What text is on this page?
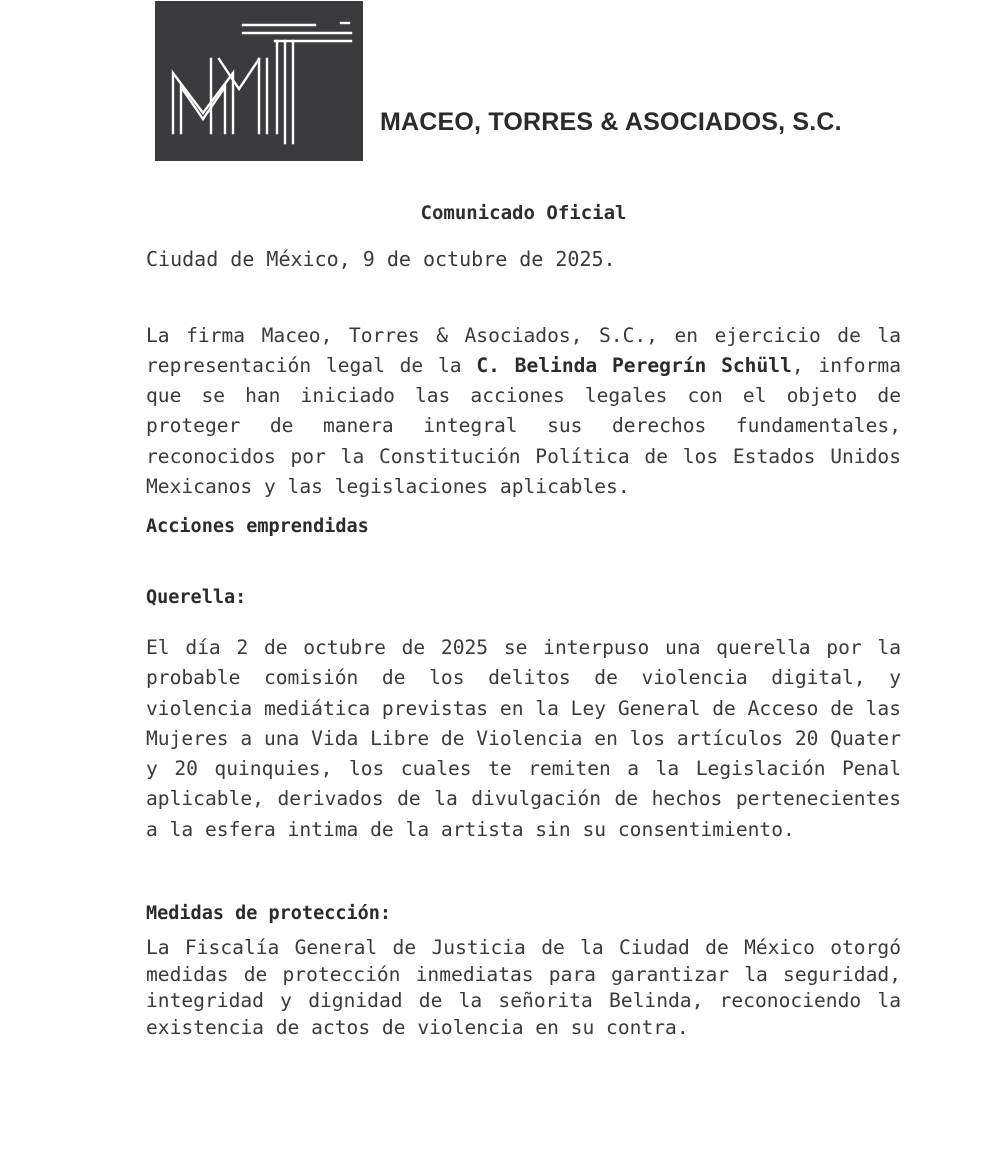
MACEO, TORRES & ASOCIADOS, S.C.

Comunicado Oficial

Ciudad de México, 9 de octubre de 2025.

La firma Maceo, Torres & Asociados, S.C., en ejercicio de la representación legal de la C. Belinda Peregrín Schüll, informa que se han iniciado las acciones legales con el objeto de proteger de manera integral sus derechos fundamentales, reconocidos por la Constitución Política de los Estados Unidos Mexicanos y las legislaciones aplicables.

Acciones emprendidas

Querella:

El día 2 de octubre de 2025 se interpuso una querella por la probable comisión de los delitos de violencia digital, y violencia mediática previstas en la Ley General de Acceso de las Mujeres a una Vida Libre de Violencia en los artículos 20 Quater y 20 quinquies, los cuales te remiten a la Legislación Penal aplicable, derivados de la divulgación de hechos pertenecientes a la esfera intima de la artista sin su consentimiento.

Medidas de protección:

La Fiscalía General de Justicia de la Ciudad de México otorgó medidas de protección inmediatas para garantizar la seguridad, integridad y dignidad de la señorita Belinda, reconociendo la existencia de actos de violencia en su contra.
